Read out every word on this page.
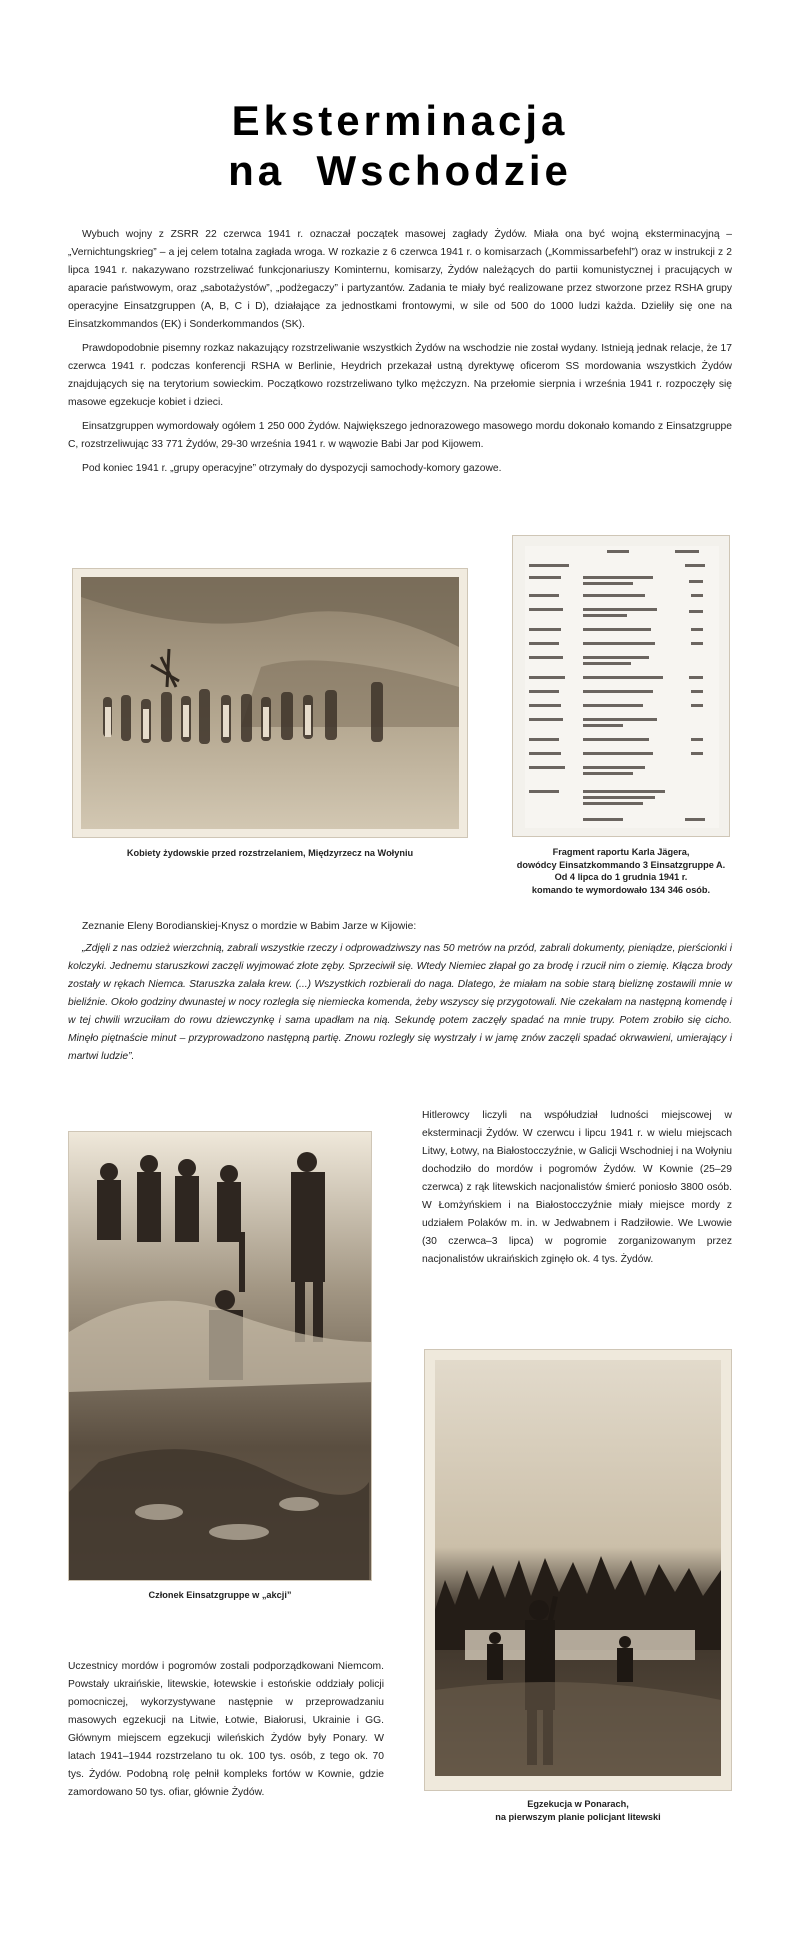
Eksterminacja
na  Wschodzie

Wybuch wojny z ZSRR 22 czerwca 1941 r. oznaczał początek masowej zagłady Żydów. Miała ona być wojną eksterminacyjną – „Vernichtungskrieg” – a jej celem totalna zagłada wroga. W rozkazie z 6 czerwca 1941 r. o komisarzach („Kommissarbefehl”) oraz w instrukcji z 2 lipca 1941 r. nakazywano rozstrzeliwać funkcjonariuszy Kominternu, komisarzy, Żydów należących do partii komunistycznej i pracujących w aparacie państwowym, oraz „sabotażystów”, „podżegaczy” i partyzantów. Zadania te miały być realizowane przez stworzone przez RSHA grupy operacyjne Einsatzgruppen (A, B, C i D), działające za jednostkami frontowymi, w sile od 500 do 1000 ludzi każda. Dzieliły się one na Einsatzkommandos (EK) i Sonderkommandos (SK).

Prawdopodobnie pisemny rozkaz nakazujący rozstrzeliwanie wszystkich Żydów na wschodzie nie został wydany. Istnieją jednak relacje, że 17 czerwca 1941 r. podczas konferencji RSHA w Berlinie, Heydrich przekazał ustną dyrektywę oficerom SS mordowania wszystkich Żydów znajdujących się na terytorium sowieckim. Początkowo rozstrzeliwano tylko mężczyzn. Na przełomie sierpnia i września 1941 r. rozpoczęły się masowe egzekucje kobiet i dzieci.

Einsatzgruppen wymordowały ogółem 1 250 000 Żydów. Największego jednorazowego masowego mordu dokonało komando z Einsatzgruppe C, rozstrzeliwując 33 771 Żydów, 29-30 września 1941 r. w wąwozie Babi Jar pod Kijowem.

Pod koniec 1941 r. „grupy operacyjne” otrzymały do dyspozycji samochody-komory gazowe.

Kobiety żydowskie przed rozstrzelaniem, Międzyrzecz na Wołyniu	Fragment raportu Karla Jägera,
dowódcy Einsatzkommando 3 Einsatzgruppe A.
Od 4 lipca do 1 grudnia 1941 r.
komando te wymordowało 134 346 osób.
Zeznanie Eleny Borodianskiej-Knysz o mordzie w Babim Jarze w Kijowie:
„Zdjęli z nas odzież wierzchnią, zabrali wszystkie rzeczy i odprowadziwszy nas 50 metrów na przód, zabrali dokumenty, pieniądze, pierścionki i kolczyki. Jednemu staruszkowi zaczęli wyjmować złote zęby. Sprzeciwił się. Wtedy Niemiec złapał go za brodę i rzucił nim o ziemię. Kłącza brody zostały w rękach Niemca. Staruszka zalała krew. (...) Wszystkich rozbierali do naga. Dlatego, że miałam na sobie starą bieliznę zostawili mnie w bieliźnie. Około godziny dwunastej w nocy rozległa się niemiecka komenda, żeby wszyscy się przygotowali. Nie czekałam na następną komendę i w tej chwili wrzuciłam do rowu dziewczynkę i sama upadłam na nią. Sekundę potem zaczęły spadać na mnie trupy. Potem zrobiło się cicho. Minęło piętnaście minut – przyprowadzono następną partię. Znowu rozległy się wystrzały i w jamę znów zaczęli spadać okrwawieni, umierający i martwi ludzie”.
Hitlerowcy liczyli na współudział ludności miejscowej w eksterminacji Żydów. W czerwcu i lipcu 1941 r. w wielu miejscach Litwy, Łotwy, na Białostocczyźnie, w Galicji Wschodniej i na Wołyniu dochodziło do mordów i pogromów Żydów. W Kownie (25–29 czerwca) z rąk litewskich nacjonalistów śmierć poniosło 3800 osób. W Łomżyńskiem i na Białostocczyźnie miały miejsce mordy z udziałem Polaków m. in. w Jedwabnem i Radziłowie. We Lwowie (30 czerwca–3 lipca) w pogromie zorganizowanym przez nacjonalistów ukraińskich zginęło ok. 4 tys. Żydów.
Członek Einsatzgruppe w „akcji”
Egzekucja w Ponarach,
na pierwszym planie policjant litewski
Uczestnicy mordów i pogromów zostali podporządkowani Niemcom. Powstały ukraińskie, litewskie, łotewskie i estońskie oddziały policji pomocniczej, wykorzystywane następnie w przeprowadzaniu masowych egzekucji na Litwie, Łotwie, Białorusi, Ukrainie i GG. Głównym miejscem egzekucji wileńskich Żydów były Ponary. W latach 1941–1944 rozstrzelano tu ok. 100 tys. osób, z tego ok. 70 tys. Żydów. Podobną rolę pełnił kompleks fortów w Kownie, gdzie zamordowano 50 tys. ofiar, głównie Żydów.
